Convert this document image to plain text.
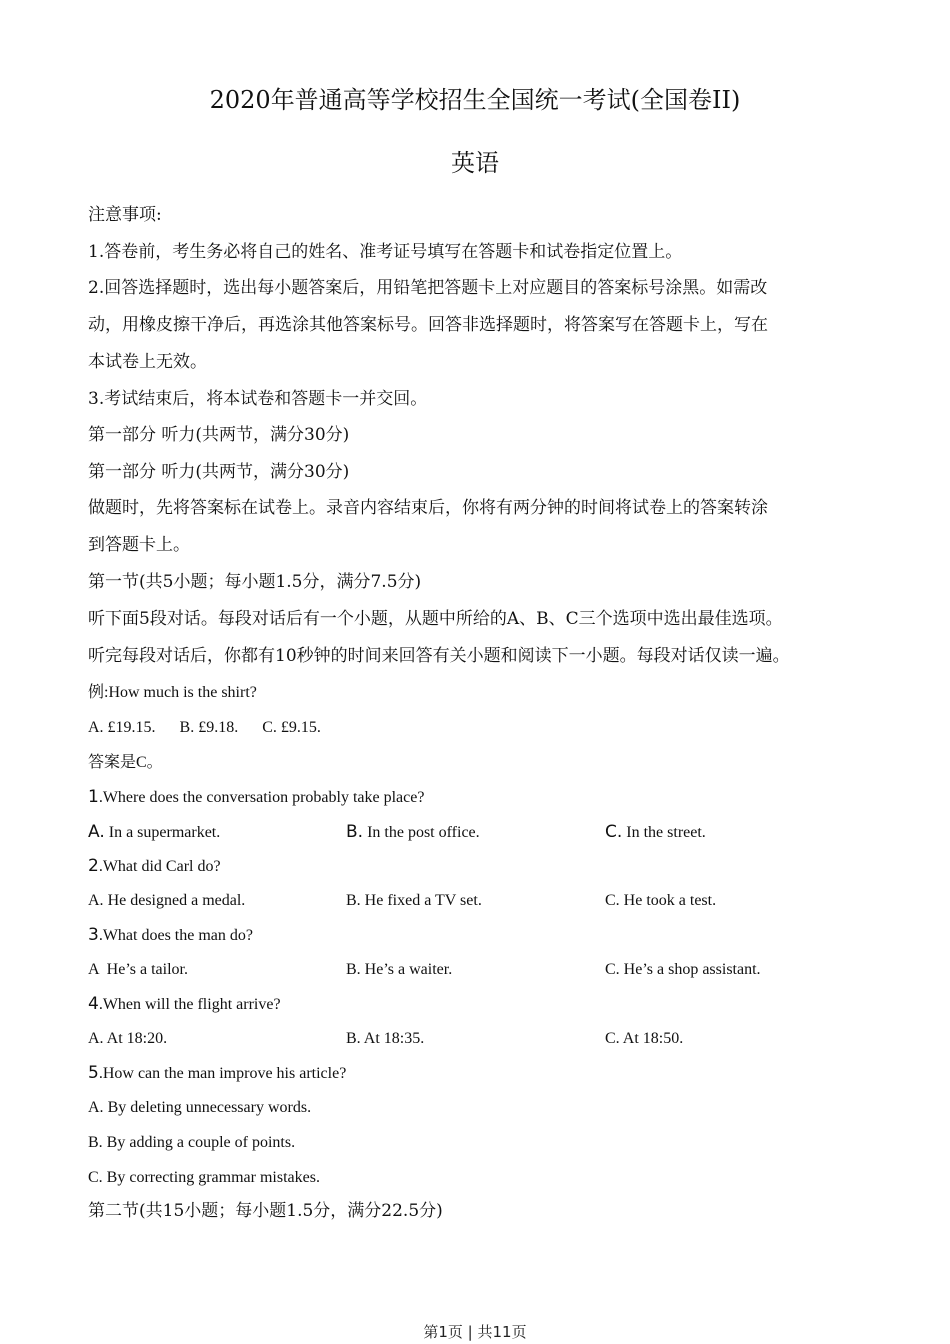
2020年普通高等学校招生全国统一考试(全国卷II)
英语
注意事项:
1.答卷前，考生务必将自己的姓名、准考证号填写在答题卡和试卷指定位置上。
2.回答选择题时，选出每小题答案后，用铅笔把答题卡上对应题目的答案标号涂黑。如需改
动，用橡皮擦干净后，再选涂其他答案标号。回答非选择题时，将答案写在答题卡上，写在
本试卷上无效。
3.考试结束后，将本试卷和答题卡一并交回。
第一部分 听力(共两节，满分30分)
第一部分 听力(共两节，满分30分)
做题时，先将答案标在试卷上。录音内容结束后，你将有两分钟的时间将试卷上的答案转涂
到答题卡上。
第一节(共5小题；每小题1.5分，满分7.5分)
听下面5段对话。每段对话后有一个小题，从题中所给的A、B、C三个选项中选出最佳选项。
听完每段对话后，你都有10秒钟的时间来回答有关小题和阅读下一小题。每段对话仅读一遍。
例:How much is the shirt?
A. £19.15.      B. £9.18.      C. £9.15.
答案是C。
1.Where does the conversation probably take place?
A. In a supermarket.	B. In the post office.	C. In the street.
2.What did Carl do?
A. He designed a medal.	B. He fixed a TV set.	C. He took a test.
3.What does the man do?
A  He’s a tailor.	B. He’s a waiter.	C. He’s a shop assistant.
4.When will the flight arrive?
A. At 18:20.	B. At 18:35.	C. At 18:50.
5.How can the man improve his article?
A. By deleting unnecessary words.
B. By adding a couple of points.
C. By correcting grammar mistakes.
第二节(共15小题；每小题1.5分，满分22.5分)
第1页 | 共11页
